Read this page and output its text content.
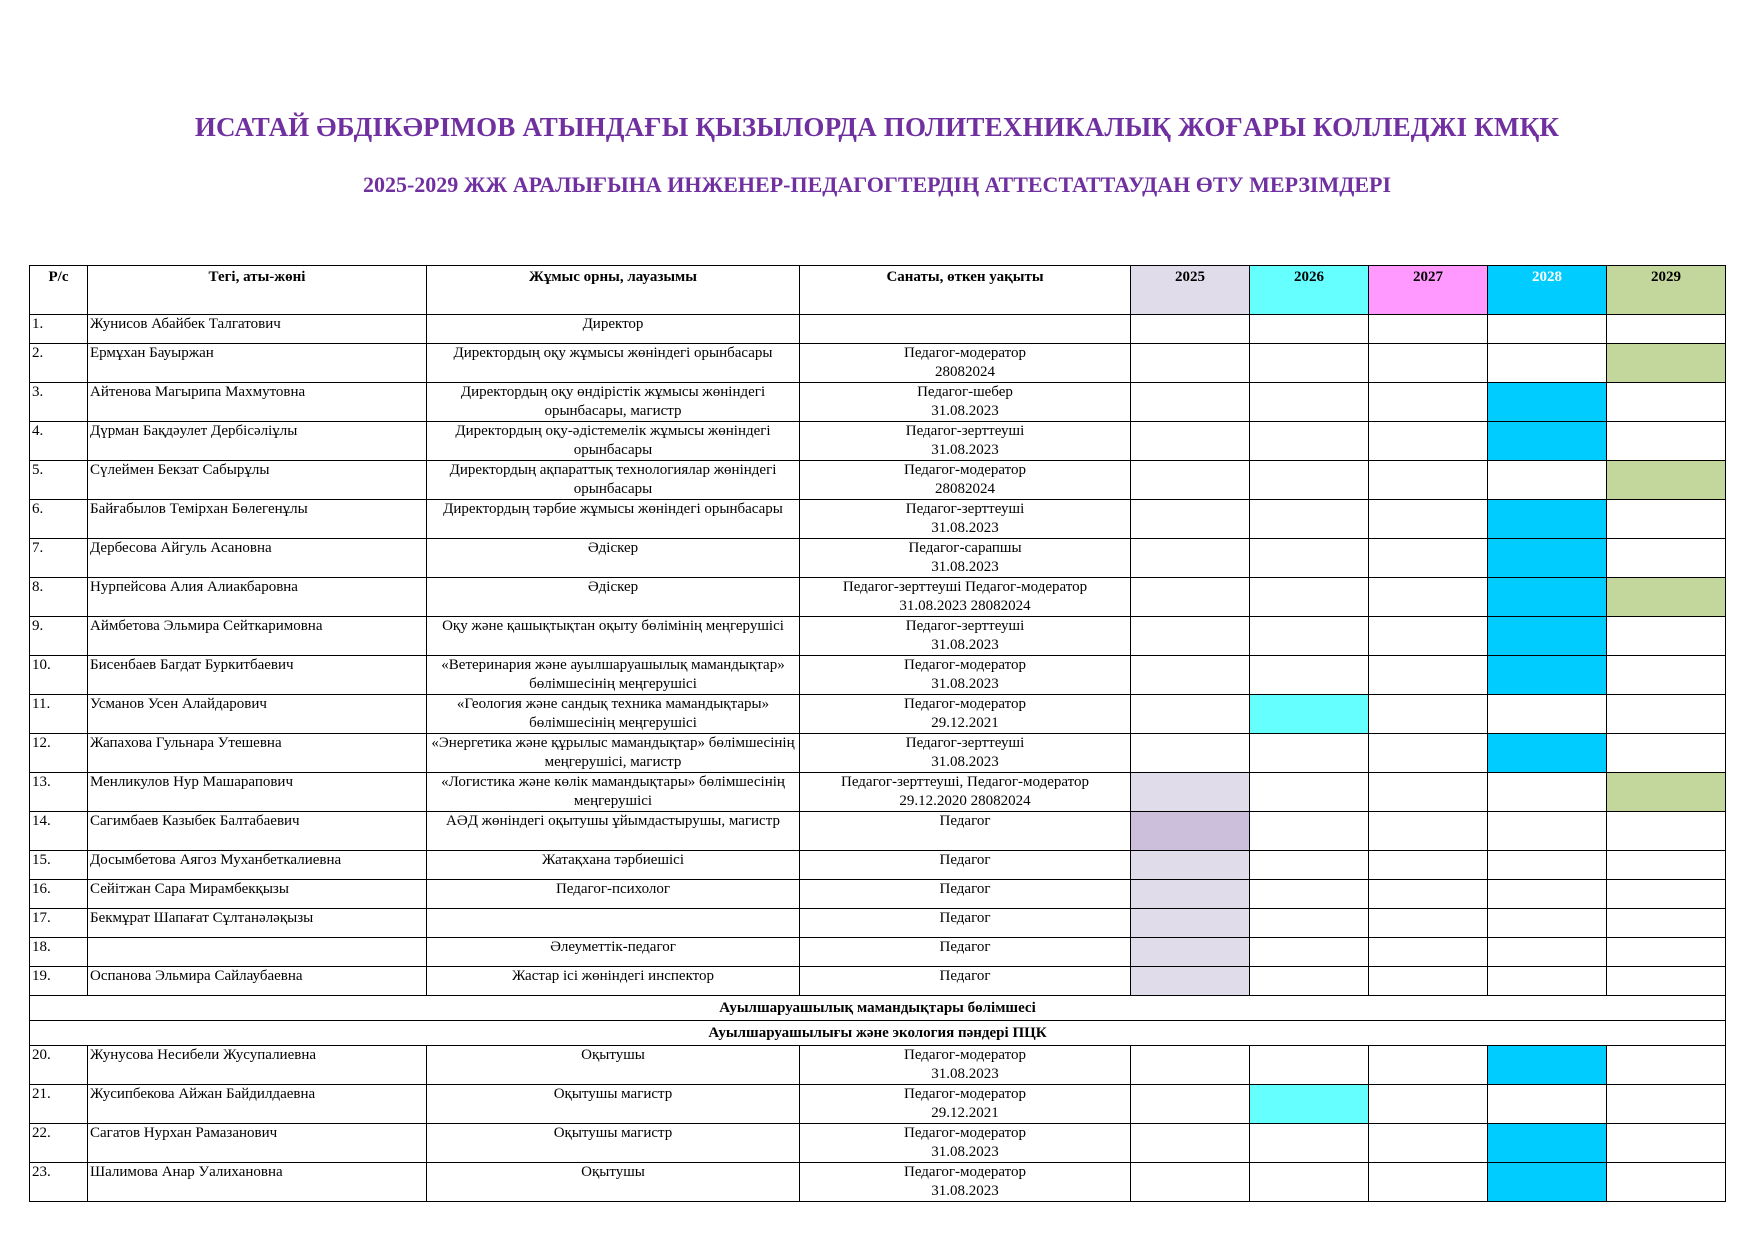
ИСАТАЙ ӘБДІКӘРІМОВ АТЫНДАҒЫ ҚЫЗЫЛОРДА ПОЛИТЕХНИКАЛЫҚ ЖОҒАРЫ КОЛЛЕДЖІ КМҚК
2025-2029 ЖЖ АРАЛЫҒЫНА ИНЖЕНЕР-ПЕДАГОГТЕРДІҢ АТТЕСТАТТАУДАН ӨТУ МЕРЗІМДЕРІ
Р/с	Тегі, аты-жөні	Жұмыс орны, лауазымы	Санаты, өткен уақыты	2025	2026	2027	2028	2029
1.	Жунисов Абайбек Талгатович	Директор	

2.	Ермұхан Бауыржан	Директордың оқу жұмысы жөніндегі орынбасары	Педагог-модератор
28082024					

3.	Айтенова Магырипа Махмутовна	Директордың оқу өндірістік жұмысы жөніндегі орынбасары, магистр	Педагог-шебер
31.08.2023					

4.	Дүрман Бақдәулет Дербісәліұлы	Директордың оқу-әдістемелік жұмысы жөніндегі орынбасары	Педагог-зерттеуші
31.08.2023					

5.	Сүлеймен Бекзат Сабырұлы	Директордың ақпараттық технологиялар жөніндегі орынбасары	Педагог-модератор
28082024					

6.	Байғабылов Темірхан Бөлегенұлы	Директордың тәрбие жұмысы жөніндегі орынбасары	Педагог-зерттеуші
31.08.2023					

7.	Дербесова Айгуль Асановна	Әдіскер	Педагог-сарапшы
31.08.2023					

8.	Нурпейсова Алия Алиакбаровна	Әдіскер	Педагог-зерттеуші Педагог-модератор
31.08.2023 28082024					

9.	Аймбетова Эльмира Сейткаримовна	Оқу және қашықтықтан оқыту бөлімінің меңгерушісі	Педагог-зерттеуші
31.08.2023					

10.	Бисенбаев Багдат Буркитбаевич	«Ветеринария және ауылшаруашылық мамандықтар» бөлімшесінің меңгерушісі	Педагог-модератор
31.08.2023					

11.	Усманов Усен Алайдарович	«Геология және сандық техника мамандықтары» бөлімшесінің меңгерушісі	Педагог-модератор
29.12.2021					

12.	Жапахова Гульнара Утешевна	«Энергетика және құрылыс мамандықтар» бөлімшесінің меңгерушісі, магистр	Педагог-зерттеуші
31.08.2023					

13.	Менликулов Нур Машарапович	«Логистика және көлік мамандықтары» бөлімшесінің меңгерушісі	Педагог-зерттеуші, Педагог-модератор
29.12.2020 28082024					

14.	Сагимбаев Казыбек Балтабаевич	АӘД жөніндегі оқытушы ұйымдастырушы, магистр	Педагог					

15.	Досымбетова Аягоз Муханбеткалиевна	Жатақхана тәрбиешісі	Педагог					

16.	Сейітжан Сара Мирамбекқызы	Педагог-психолог	Педагог					

17.	Бекмұрат Шапағат Сұлтанәләқызы		Педагог					

18.		Әлеуметтік-педагог	Педагог					

19.	Оспанова Эльмира Сайлаубаевна	Жастар ісі жөніндегі инспектор	Педагог					

Ауылшаруашылық мамандықтары бөлімшесі								
Ауылшаруашылығы және экология пәндері ПЦК								
20.	Жунусова Несибели Жусупалиевна	Оқытушы	Педагог-модератор
31.08.2023					

21.	Жусипбекова Айжан Байдилдаевна	Оқытушы магистр	Педагог-модератор
29.12.2021					

22.	Сагатов Нурхан Рамазанович	Оқытушы магистр	Педагог-модератор
31.08.2023					

23.	Шалимова Анар Уалихановна	Оқытушы	Педагог-модератор
31.08.2023					
